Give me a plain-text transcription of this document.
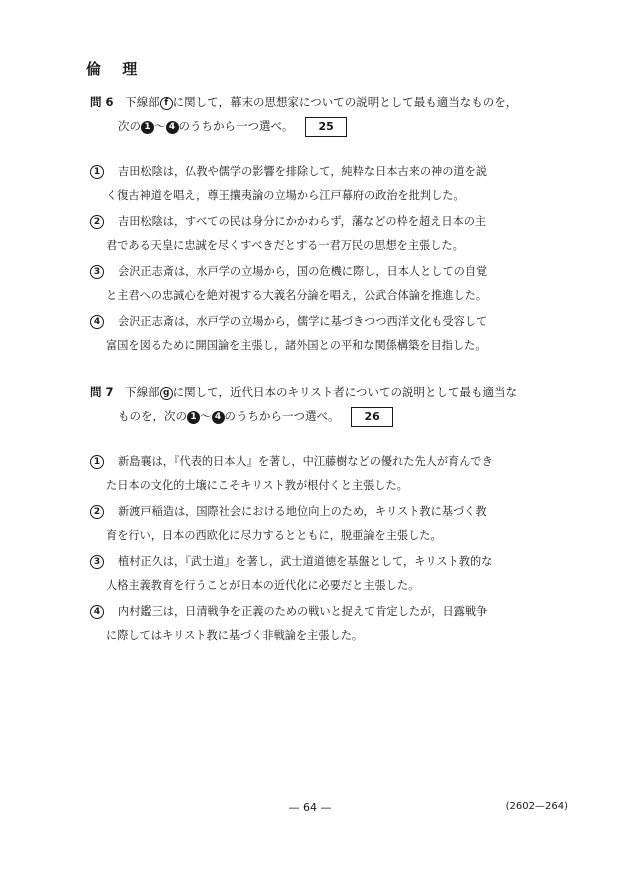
倫 理
問 6 下線部 f に関して，幕末の思想家についての説明として最も適当なものを，
次の 1 ～ 4 のうちから一つ選べ。 25
1	吉田松陰は，仏教や儒学の影響を排除して，純粋な日本古来の神の道を説
く復古神道を唱え，尊王攘夷論の立場から江戸幕府の政治を批判した。
2	吉田松陰は，すべての民は身分にかかわらず，藩などの枠を超え日本の主
君である天皇に忠誠を尽くすべきだとする一君万民の思想を主張した。
3	会沢正志斎は，水戸学の立場から，国の危機に際し，日本人としての自覚
と主君への忠誠心を絶対視する大義名分論を唱え，公武合体論を推進した。
4	会沢正志斎は，水戸学の立場から，儒学に基づきつつ西洋文化も受容して
富国を図るために開国論を主張し，諸外国との平和な関係構築を目指した。
問 7 下線部 g に関して，近代日本のキリスト者についての説明として最も適当な
ものを，次の 1 ～ 4 のうちから一つ選べ。 26
1	新島襄は，『代表的日本人』を著し，中江藤樹などの優れた先人が育んでき
た日本の文化的土壌にこそキリスト教が根付くと主張した。
2	新渡戸稲造は，国際社会における地位向上のため，キリスト教に基づく教
育を行い，日本の西欧化に尽力するとともに，脱亜論を主張した。
3	植村正久は，『武士道』を著し，武士道道徳を基盤として，キリスト教的な
人格主義教育を行うことが日本の近代化に必要だと主張した。
4	内村鑑三は，日清戦争を正義のための戦いと捉えて肯定したが，日露戦争
に際してはキリスト教に基づく非戦論を主張した。
— 64 —	(2602—264)
